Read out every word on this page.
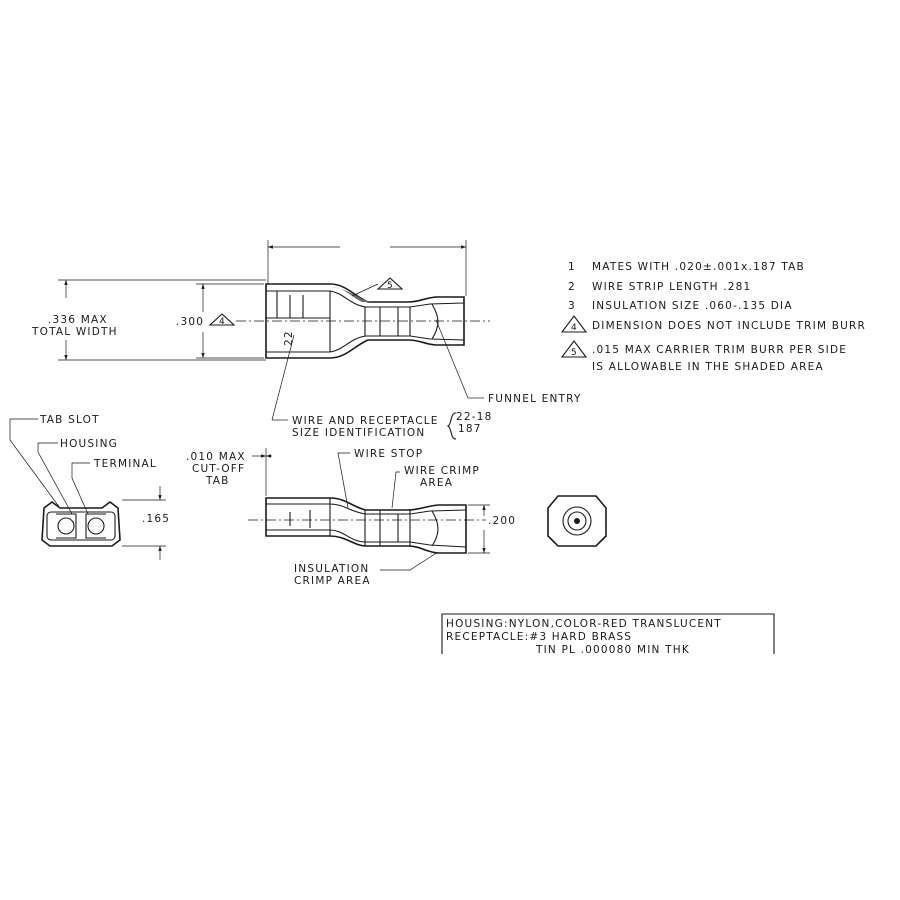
22
.336 MAX
TOTAL WIDTH
.300 4
5
FUNNEL ENTRY
WIRE AND RECEPTACLE
SIZE IDENTIFICATION
22-18
187
.165
TAB SLOT
HOUSING
TERMINAL
.010 MAX
CUT-OFF
TAB
WIRE STOP
WIRE CRIMP
AREA
.200
INSULATION
CRIMP AREA
1 MATES WITH .020±.001x.187 TAB
2 WIRE STRIP LENGTH .281
3 INSULATION SIZE .060-.135 DIA
4 DIMENSION DOES NOT INCLUDE TRIM BURR
5 .015 MAX CARRIER TRIM BURR PER SIDE
IS ALLOWABLE IN THE SHADED AREA
HOUSING:NYLON,COLOR-RED TRANSLUCENT
RECEPTACLE:#3 HARD BRASS
TIN PL .000080 MIN THK
